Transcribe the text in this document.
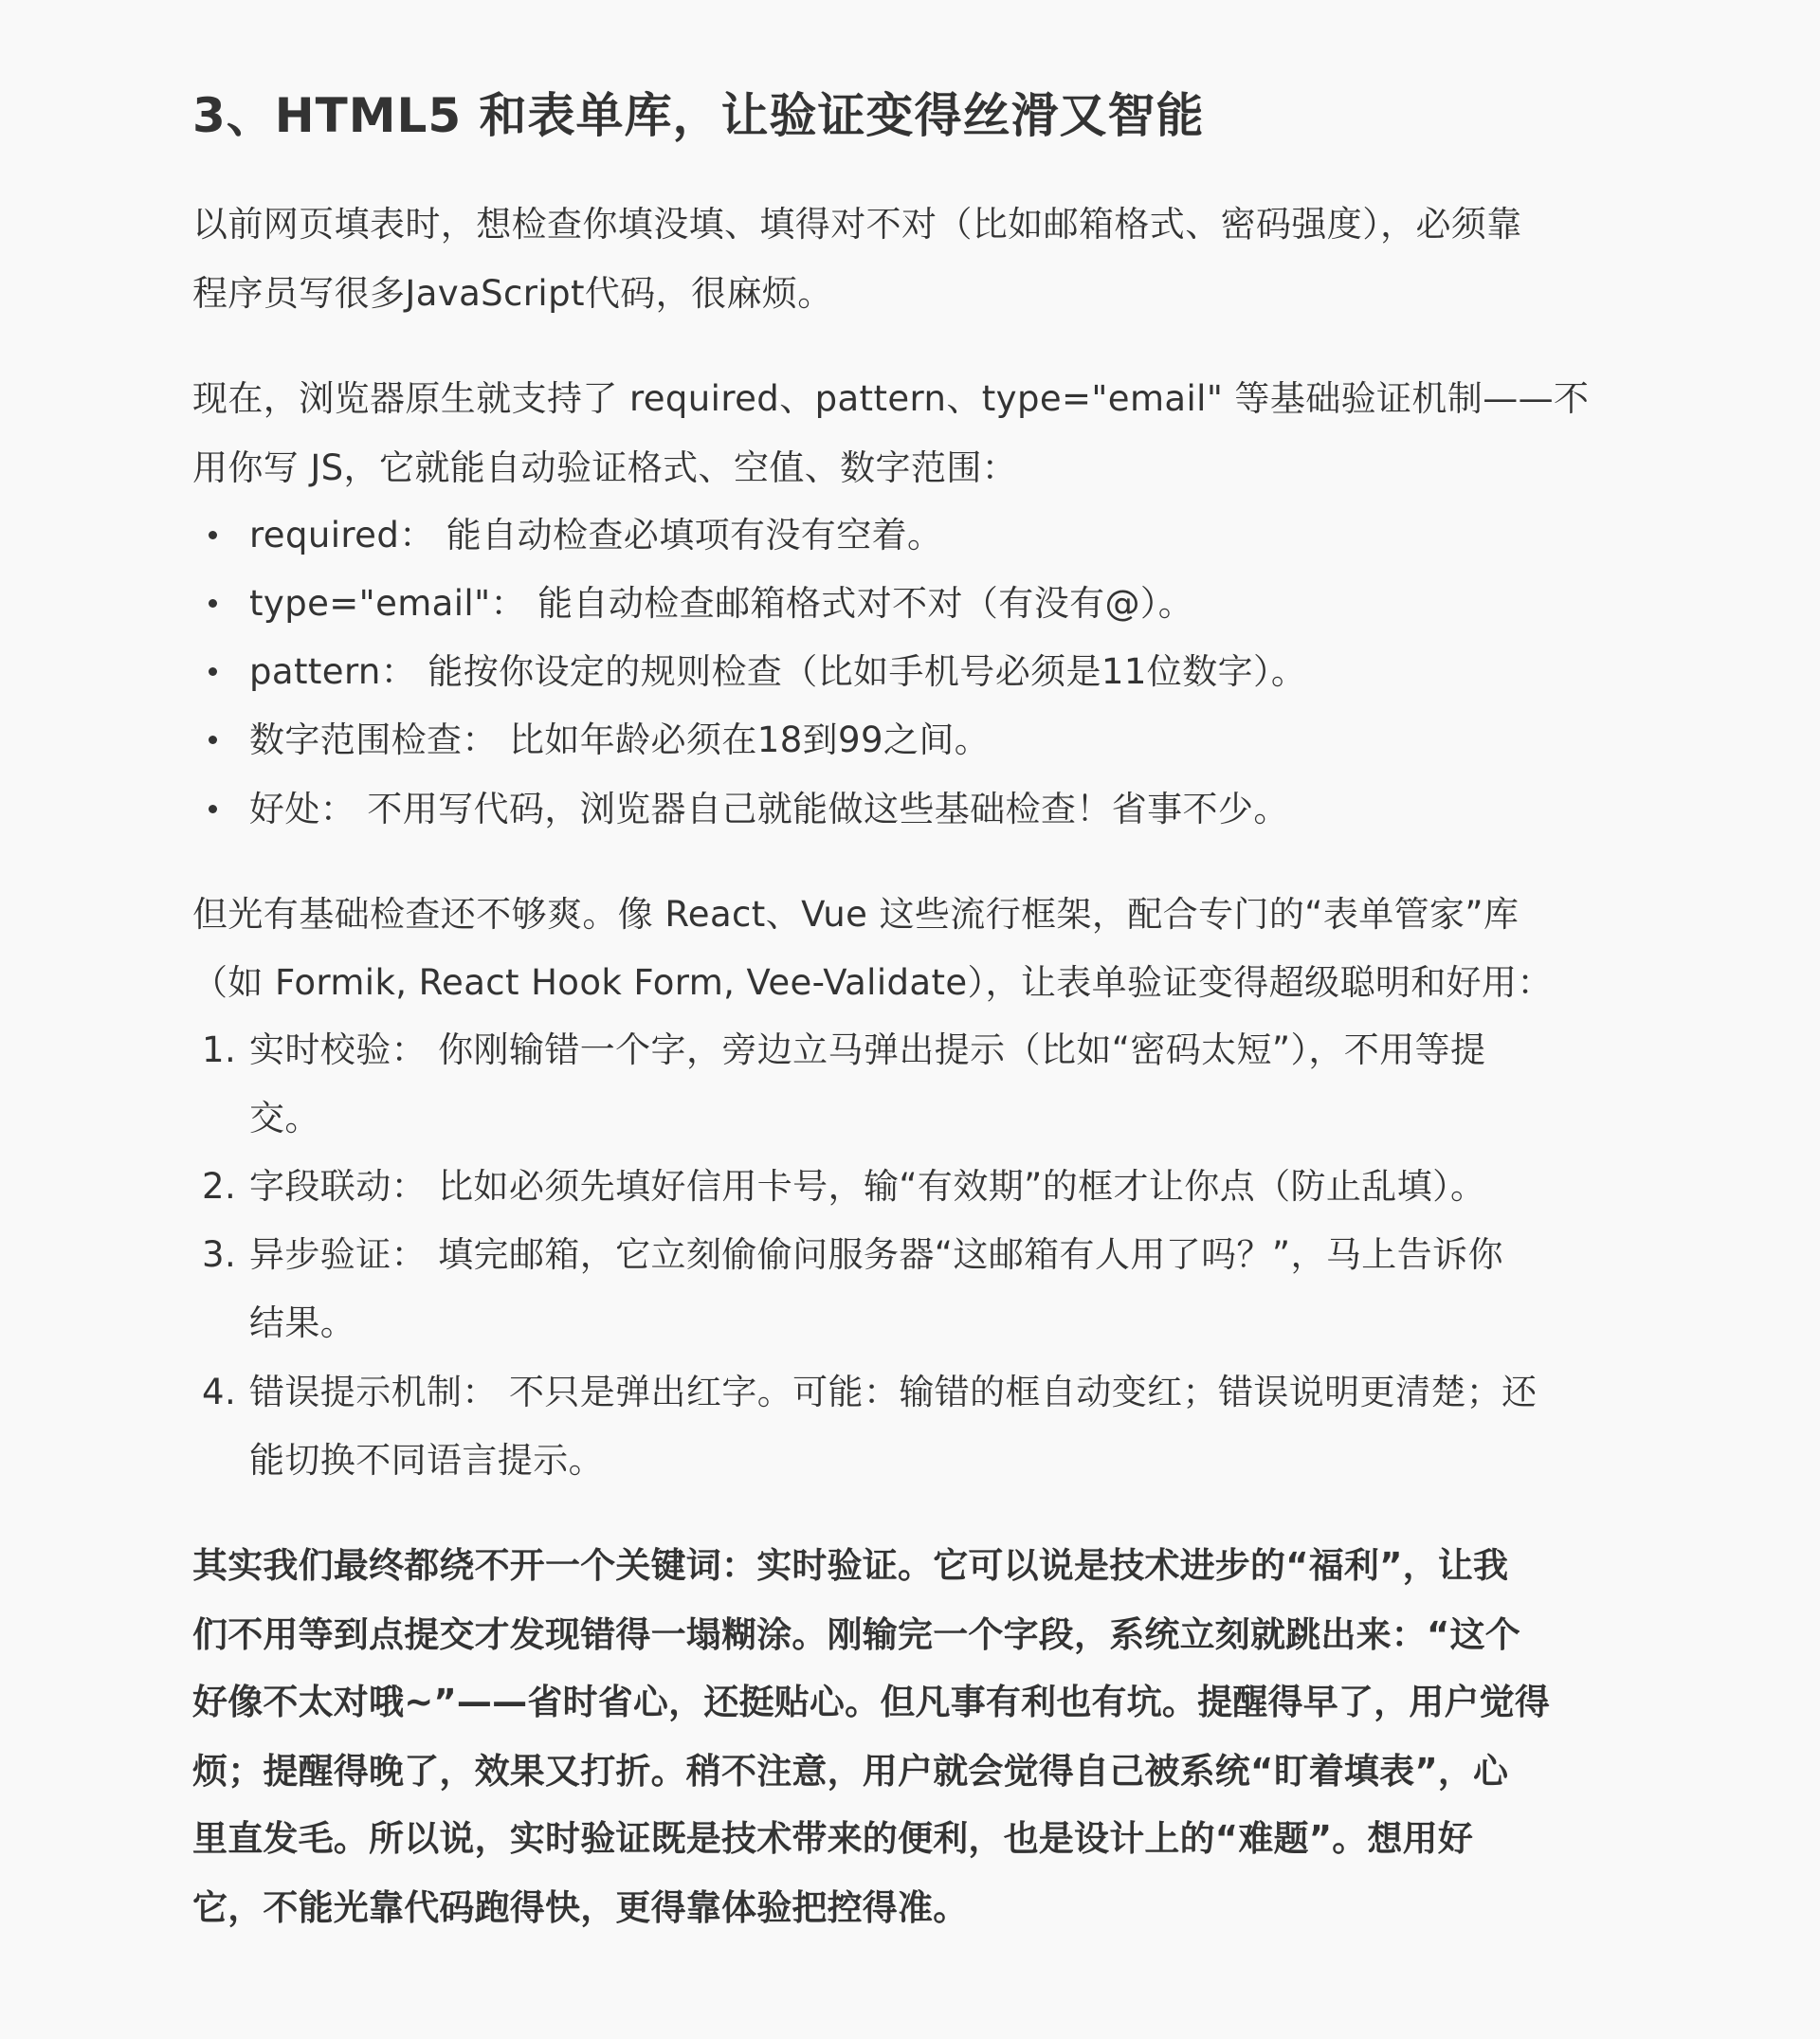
3、HTML5 和表单库，让验证变得丝滑又智能
以前网页填表时，想检查你填没填、填得对不对（比如邮箱格式、密码强度），必须靠
程序员写很多JavaScript代码，很麻烦。
现在，浏览器原生就支持了 required、pattern、type="email" 等基础验证机制——不
用你写 JS，它就能自动验证格式、空值、数字范围：
required： 能自动检查必填项有没有空着。
type="email"： 能自动检查邮箱格式对不对（有没有@）。
pattern： 能按你设定的规则检查（比如手机号必须是11位数字）。
数字范围检查： 比如年龄必须在18到99之间。
好处： 不用写代码，浏览器自己就能做这些基础检查！省事不少。
但光有基础检查还不够爽。像 React、Vue 这些流行框架，配合专门的“表单管家”库
（如 Formik, React Hook Form, Vee-Validate），让表单验证变得超级聪明和好用：
1. 实时校验： 你刚输错一个字，旁边立马弹出提示（比如“密码太短”），不用等提
交。
2. 字段联动： 比如必须先填好信用卡号，输“有效期”的框才让你点（防止乱填）。
3. 异步验证： 填完邮箱，它立刻偷偷问服务器“这邮箱有人用了吗？”，马上告诉你
结果。
4. 错误提示机制： 不只是弹出红字。可能：输错的框自动变红；错误说明更清楚；还
能切换不同语言提示。
其实我们最终都绕不开一个关键词：实时验证。它可以说是技术进步的“福利”，让我
们不用等到点提交才发现错得一塌糊涂。刚输完一个字段，系统立刻就跳出来：“这个
好像不太对哦~”——省时省心，还挺贴心。但凡事有利也有坑。提醒得早了，用户觉得
烦；提醒得晚了，效果又打折。稍不注意，用户就会觉得自己被系统“盯着填表”，心
里直发毛。所以说，实时验证既是技术带来的便利，也是设计上的“难题”。想用好
它，不能光靠代码跑得快，更得靠体验把控得准。
